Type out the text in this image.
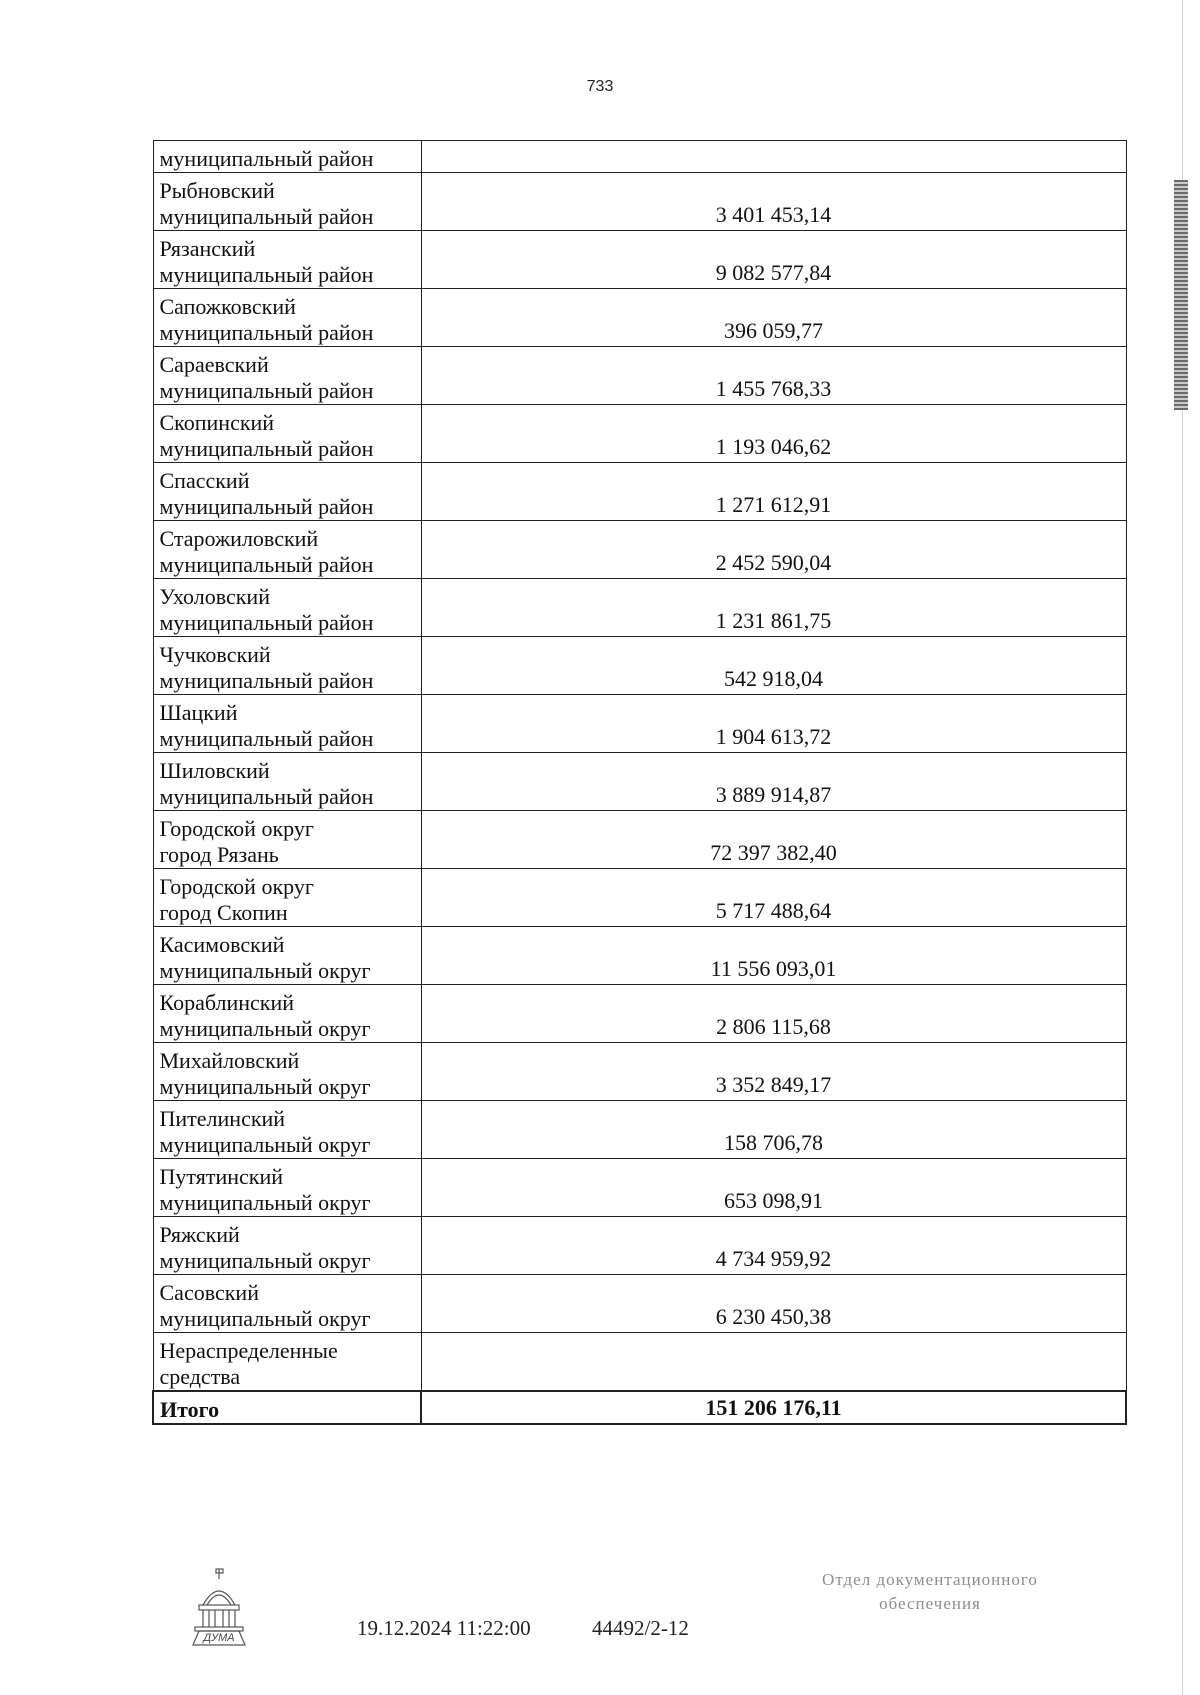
733
муниципальный район	
Рыбновский
муниципальный район	3 401 453,14
Рязанский
муниципальный район	9 082 577,84
Сапожковский
муниципальный район	396 059,77
Сараевский
муниципальный район	1 455 768,33
Скопинский
муниципальный район	1 193 046,62
Спасский
муниципальный район	1 271 612,91
Старожиловский
муниципальный район	2 452 590,04
Ухоловский
муниципальный район	1 231 861,75
Чучковский
муниципальный район	542 918,04
Шацкий
муниципальный район	1 904 613,72
Шиловский
муниципальный район	3 889 914,87
Городской округ
город Рязань	72 397 382,40
Городской округ
город Скопин	5 717 488,64
Касимовский
муниципальный округ	11 556 093,01
Кораблинский
муниципальный округ	2 806 115,68
Михайловский
муниципальный округ	3 352 849,17
Пителинский
муниципальный округ	158 706,78
Путятинский
муниципальный округ	653 098,91
Ряжский
муниципальный округ	4 734 959,92
Сасовский
муниципальный округ	6 230 450,38
Нераспределенные
средства	
Итого	151 206 176,11
ДУМА	19.12.2024 11:22:00	44492/2-12
Отдел документационного
обеспечения
